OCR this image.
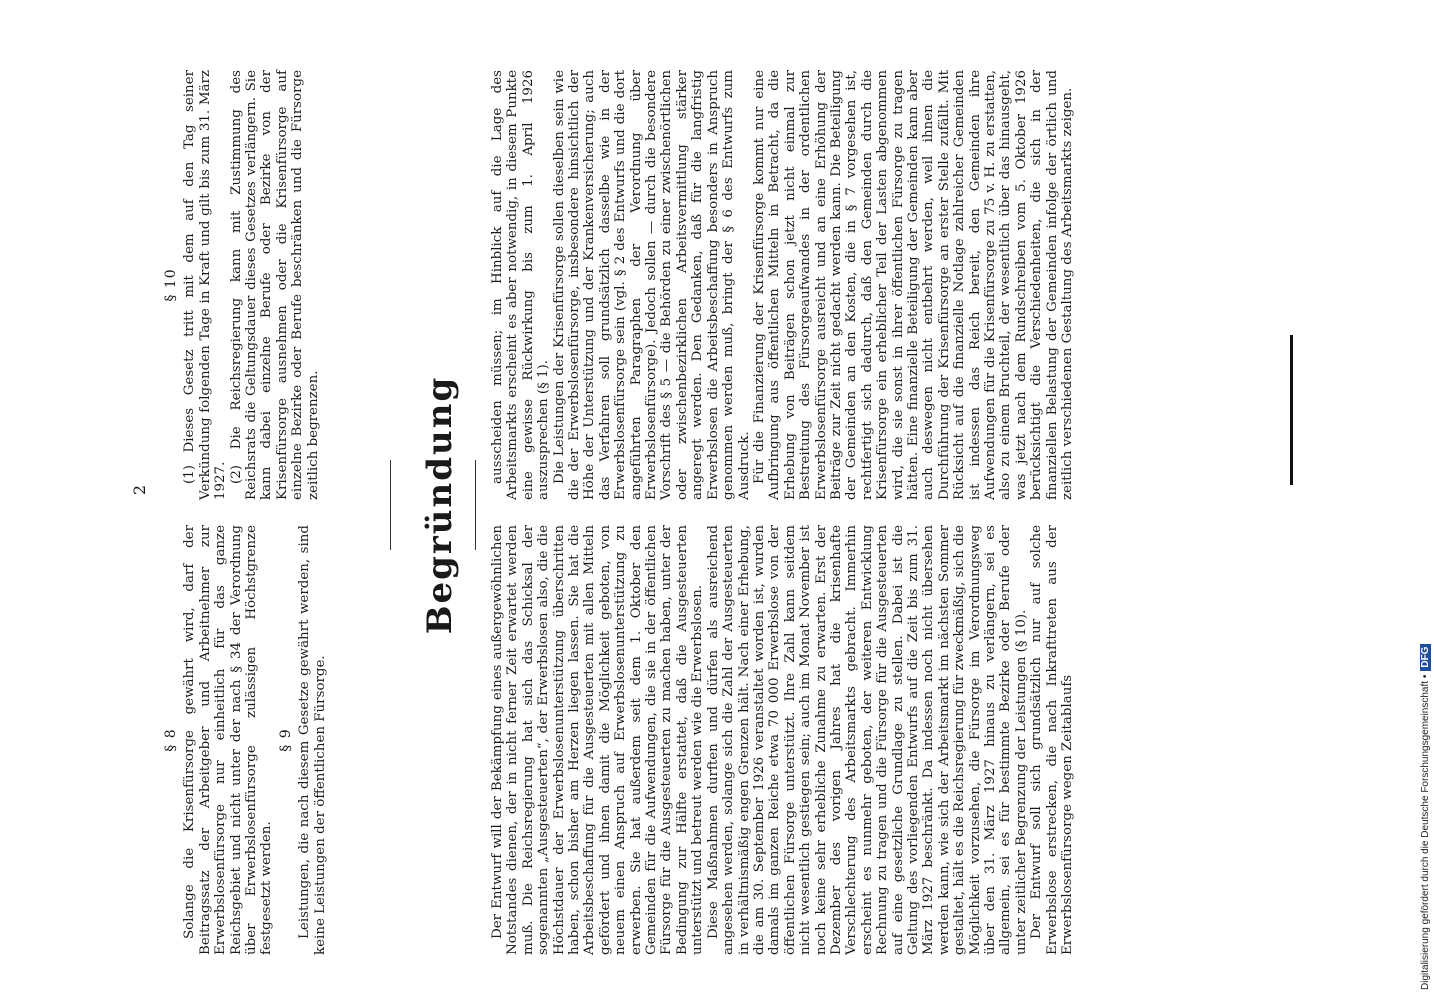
2
§ 8 Solange die Krisenfürsorge gewährt wird, darf der Beitragssatz der Arbeitgeber und Arbeitnehmer zur Erwerbslosenfürsorge nur einheitlich für das ganze Reichsgebiet und nicht unter der nach § 34 der Verordnung über Erwerbslosenfürsorge zulässigen Höchstgrenze festgesetzt werden.

§ 9 Leistungen, die nach diesem Gesetze gewährt werden, sind keine Leistungen der öffentlichen Fürsorge.

§ 10 (1) Dieses Gesetz tritt mit dem auf den Tag seiner Verkündung folgenden Tage in Kraft und gilt bis zum 31. März 1927. (2) Die Reichsregierung kann mit Zustimmung des Reichsrats die Geltungsdauer dieses Gesetzes verlängern. Sie kann dabei einzelne Berufe oder Bezirke von der Krisenfürsorge ausnehmen oder die Krisenfürsorge auf einzelne Bezirke oder Berufe beschränken und die Fürsorge zeitlich begrenzen.	Begründung

Der Entwurf will der Bekämpfung eines außergewöhnlichen Notstandes dienen, der in nicht ferner Zeit erwartet werden muß. Die Reichsregierung hat sich das Schicksal der sogenannten „Ausgesteuerten“, der Erwerbslosen also, die die Höchstdauer der Erwerbslosenunterstützung überschritten haben, schon bisher am Herzen liegen lassen. Sie hat die Arbeitsbeschaffung für die Ausgesteuerten mit allen Mitteln gefördert und ihnen damit die Möglichkeit geboten, von neuem einen Anspruch auf Erwerbslosenunterstützung zu erwerben. Sie hat außerdem seit dem 1. Oktober den Gemeinden für die Aufwendungen, die sie in der öffentlichen Fürsorge für die Ausgesteuerten zu machen haben, unter der Bedingung zur Hälfte erstattet, daß die Ausgesteuerten unterstützt und betreut werden wie die Erwerbslosen. Diese Maßnahmen durften und dürfen als ausreichend angesehen werden, solange sich die Zahl der Ausgesteuerten in verhältnismäßig engen Grenzen hält. Nach einer Erhebung, die am 30. September 1926 veranstaltet worden ist, wurden damals im ganzen Reiche etwa 70 000 Erwerbslose von der öffentlichen Fürsorge unterstützt. Ihre Zahl kann seitdem nicht wesentlich gestiegen sein; auch im Monat November ist noch keine sehr erhebliche Zunahme zu erwarten. Erst der Dezember des vorigen Jahres hat die krisenhafte Verschlechterung des Arbeitsmarkts gebracht. Immerhin erscheint es nunmehr geboten, der weiteren Entwicklung Rechnung zu tragen und die Fürsorge für die Ausgesteuerten auf eine gesetzliche Grundlage zu stellen. Dabei ist die Geltung des vorliegenden Entwurfs auf die Zeit bis zum 31. März 1927 beschränkt. Da indessen noch nicht übersehen werden kann, wie sich der Arbeitsmarkt im nächsten Sommer gestaltet, hält es die Reichsregierung für zweckmäßig, sich die Möglichkeit vorzusehen, die Fürsorge im Verordnungsweg über den 31. März 1927 hinaus zu verlängern, sei es allgemein, sei es für bestimmte Bezirke oder Berufe oder unter zeitlicher Begrenzung der Leistungen (§ 10). Der Entwurf soll sich grundsätzlich nur auf solche Erwerbslose erstrecken, die nach Inkrafttreten aus der Erwerbslosenfürsorge wegen Zeitablaufs

ausscheiden müssen; im Hinblick auf die Lage des Arbeitsmarkts erscheint es aber notwendig, in diesem Punkte eine gewisse Rückwirkung bis zum 1. April 1926 auszusprechen (§ 1). Die Leistungen der Krisenfürsorge sollen dieselben sein wie die der Erwerbslosenfürsorge, insbesondere hinsichtlich der Höhe der Unterstützung und der Krankenversicherung; auch das Verfahren soll grundsätzlich dasselbe wie in der Erwerbslosenfürsorge sein (vgl. § 2 des Entwurfs und die dort angeführten Paragraphen der Verordnung über Erwerbslosenfürsorge). Jedoch sollen — durch die besondere Vorschrift des § 5 — die Behörden zu einer zwischenörtlichen oder zwischenbezirklichen Arbeitsvermittlung stärker angeregt werden. Den Gedanken, daß für die langfristig Erwerbslosen die Arbeitsbeschaffung besonders in Anspruch genommen werden muß, bringt der § 6 des Entwurfs zum Ausdruck. Für die Finanzierung der Krisenfürsorge kommt nur eine Aufbringung aus öffentlichen Mitteln in Betracht, da die Erhebung von Beiträgen schon jetzt nicht einmal zur Bestreitung des Fürsorgeaufwandes in der ordentlichen Erwerbslosenfürsorge ausreicht und an eine Erhöhung der Beiträge zur Zeit nicht gedacht werden kann. Die Beteiligung der Gemeinden an den Kosten, die in § 7 vorgesehen ist, rechtfertigt sich dadurch, daß den Gemeinden durch die Krisenfürsorge ein erheblicher Teil der Lasten abgenommen wird, die sie sonst in ihrer öffentlichen Fürsorge zu tragen hätten. Eine finanzielle Beteiligung der Gemeinden kann aber auch deswegen nicht entbehrt werden, weil ihnen die Durchführung der Krisenfürsorge an erster Stelle zufällt. Mit Rücksicht auf die finanzielle Notlage zahlreicher Gemeinden ist indessen das Reich bereit, den Gemeinden ihre Aufwendungen für die Krisenfürsorge zu 75 v. H. zu erstatten, also zu einem Bruchteil, der wesentlich über das hinausgeht, was jetzt nach dem Rundschreiben vom 5. Oktober 1926 berücksichtigt die Verschiedenheiten, die sich in der finanziellen Belastung der Gemeinden infolge der örtlich und zeitlich verschiedenen Gestaltung des Arbeitsmarkts zeigen.

Digitalisierung gefördert durch die Deutsche Forschungsgemeinschaft •DFG
